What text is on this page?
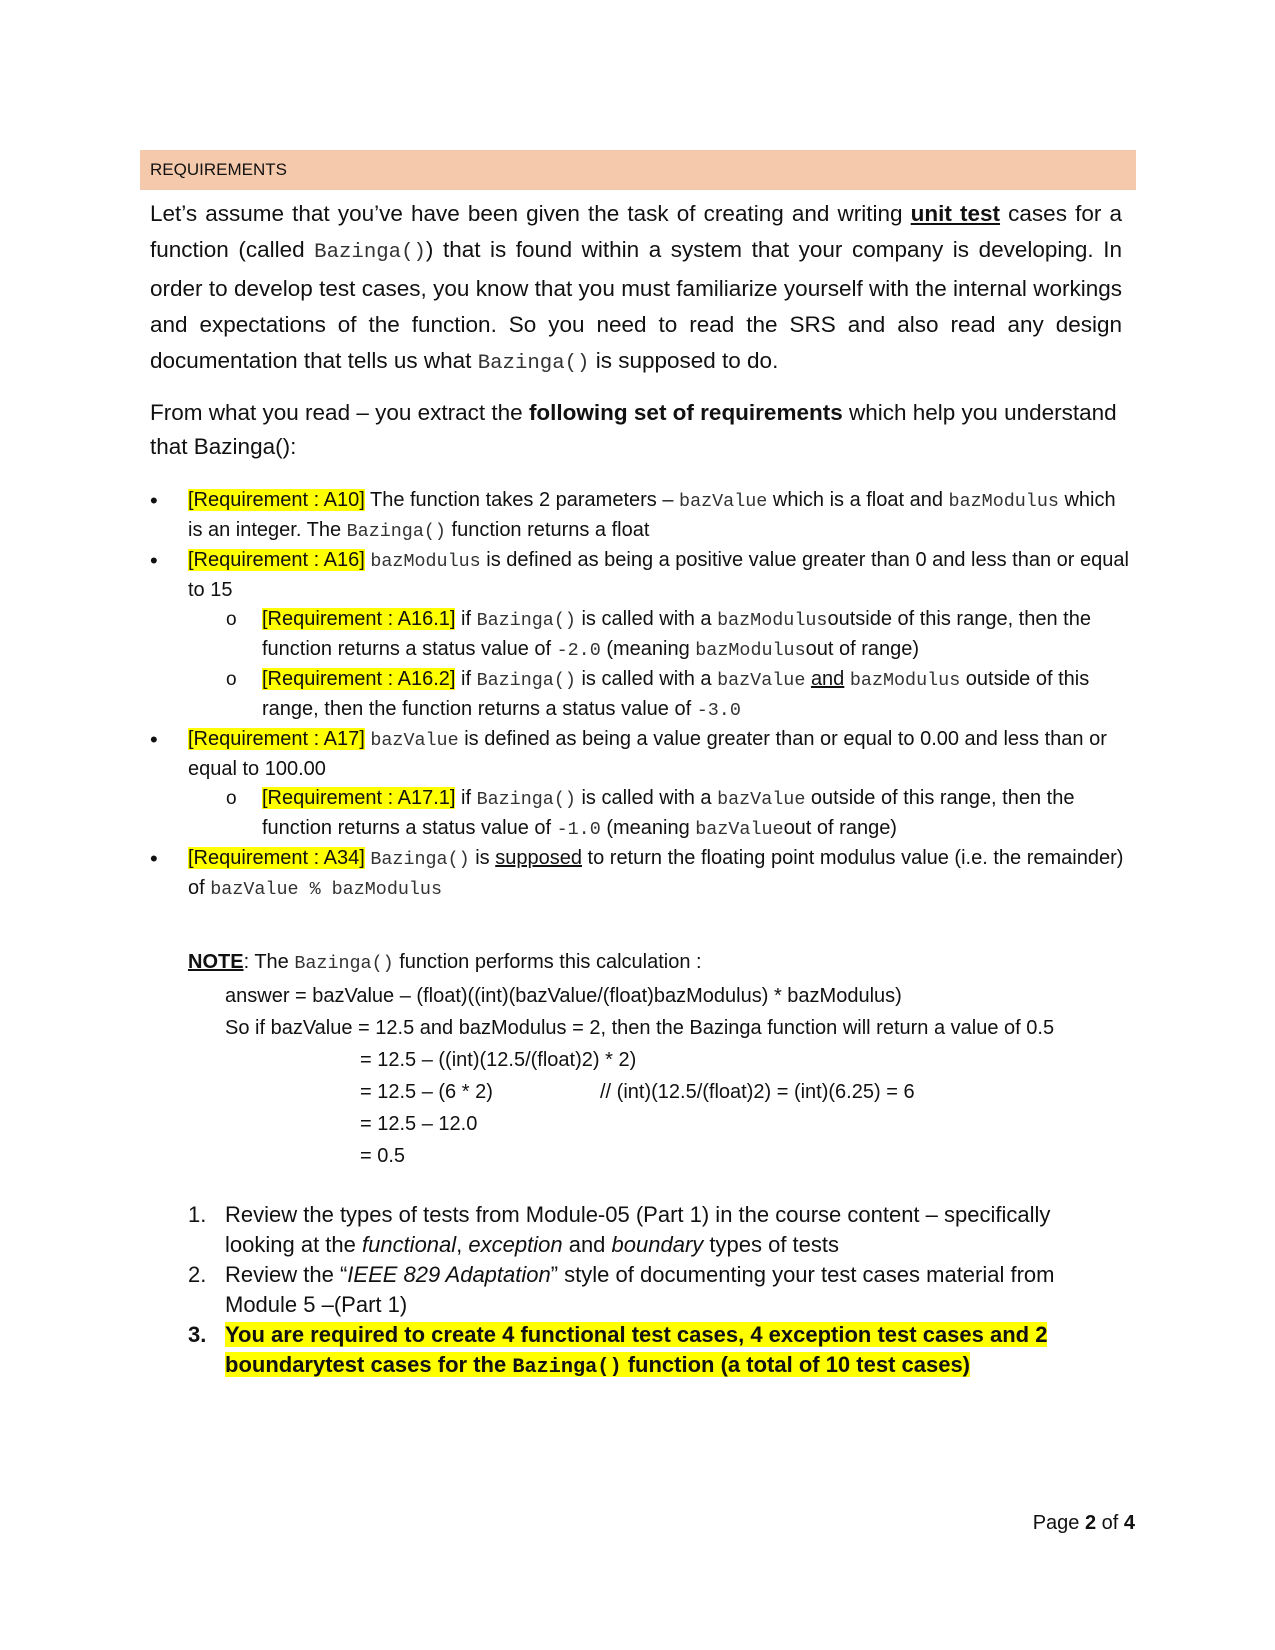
REQUIREMENTS
Let’s assume that you’ve have been given the task of creating and writing unit test cases for a function (called Bazinga()) that is found within a system that your company is developing. In order to develop test cases, you know that you must familiarize yourself with the internal workings and expectations of the function. So you need to read the SRS and also read any design documentation that tells us what Bazinga() is supposed to do.
From what you read – you extract the following set of requirements which help you understand that Bazinga():
• [Requirement : A10] The function takes 2 parameters – bazValue which is a float and bazModulus which is an integer. The Bazinga() function returns a float
• [Requirement : A16] bazModulus is defined as being a positive value greater than 0 and less than or equal to 15
o [Requirement : A16.1] if Bazinga() is called with a bazModulusoutside of this range, then the function returns a status value of -2.0 (meaning bazModulusout of range)
o [Requirement : A16.2] if Bazinga() is called with a bazValue and bazModulus outside of this range, then the function returns a status value of -3.0
• [Requirement : A17] bazValue is defined as being a value greater than or equal to 0.00 and less than or equal to 100.00
o [Requirement : A17.1] if Bazinga() is called with a bazValue outside of this range, then the function returns a status value of -1.0 (meaning bazValueout of range)
• [Requirement : A34] Bazinga() is supposed to return the floating point modulus value (i.e. the remainder) of bazValue % bazModulus
NOTE: The Bazinga() function performs this calculation :
answer = bazValue – (float)((int)(bazValue/(float)bazModulus) * bazModulus)
So if bazValue = 12.5 and bazModulus = 2, then the Bazinga function will return a value of 0.5
= 12.5 – ((int)(12.5/(float)2) * 2)
= 12.5 – (6 * 2)	// (int)(12.5/(float)2) = (int)(6.25) = 6
= 12.5 – 12.0
= 0.5
1. Review the types of tests from Module-05 (Part 1) in the course content – specifically looking at the functional, exception and boundary types of tests
2. Review the “IEEE 829 Adaptation” style of documenting your test cases material from Module 5 –(Part 1)
3. You are required to create 4 functional test cases, 4 exception test cases and 2 boundarytest cases for the Bazinga() function (a total of 10 test cases)
Page 2 of 4
